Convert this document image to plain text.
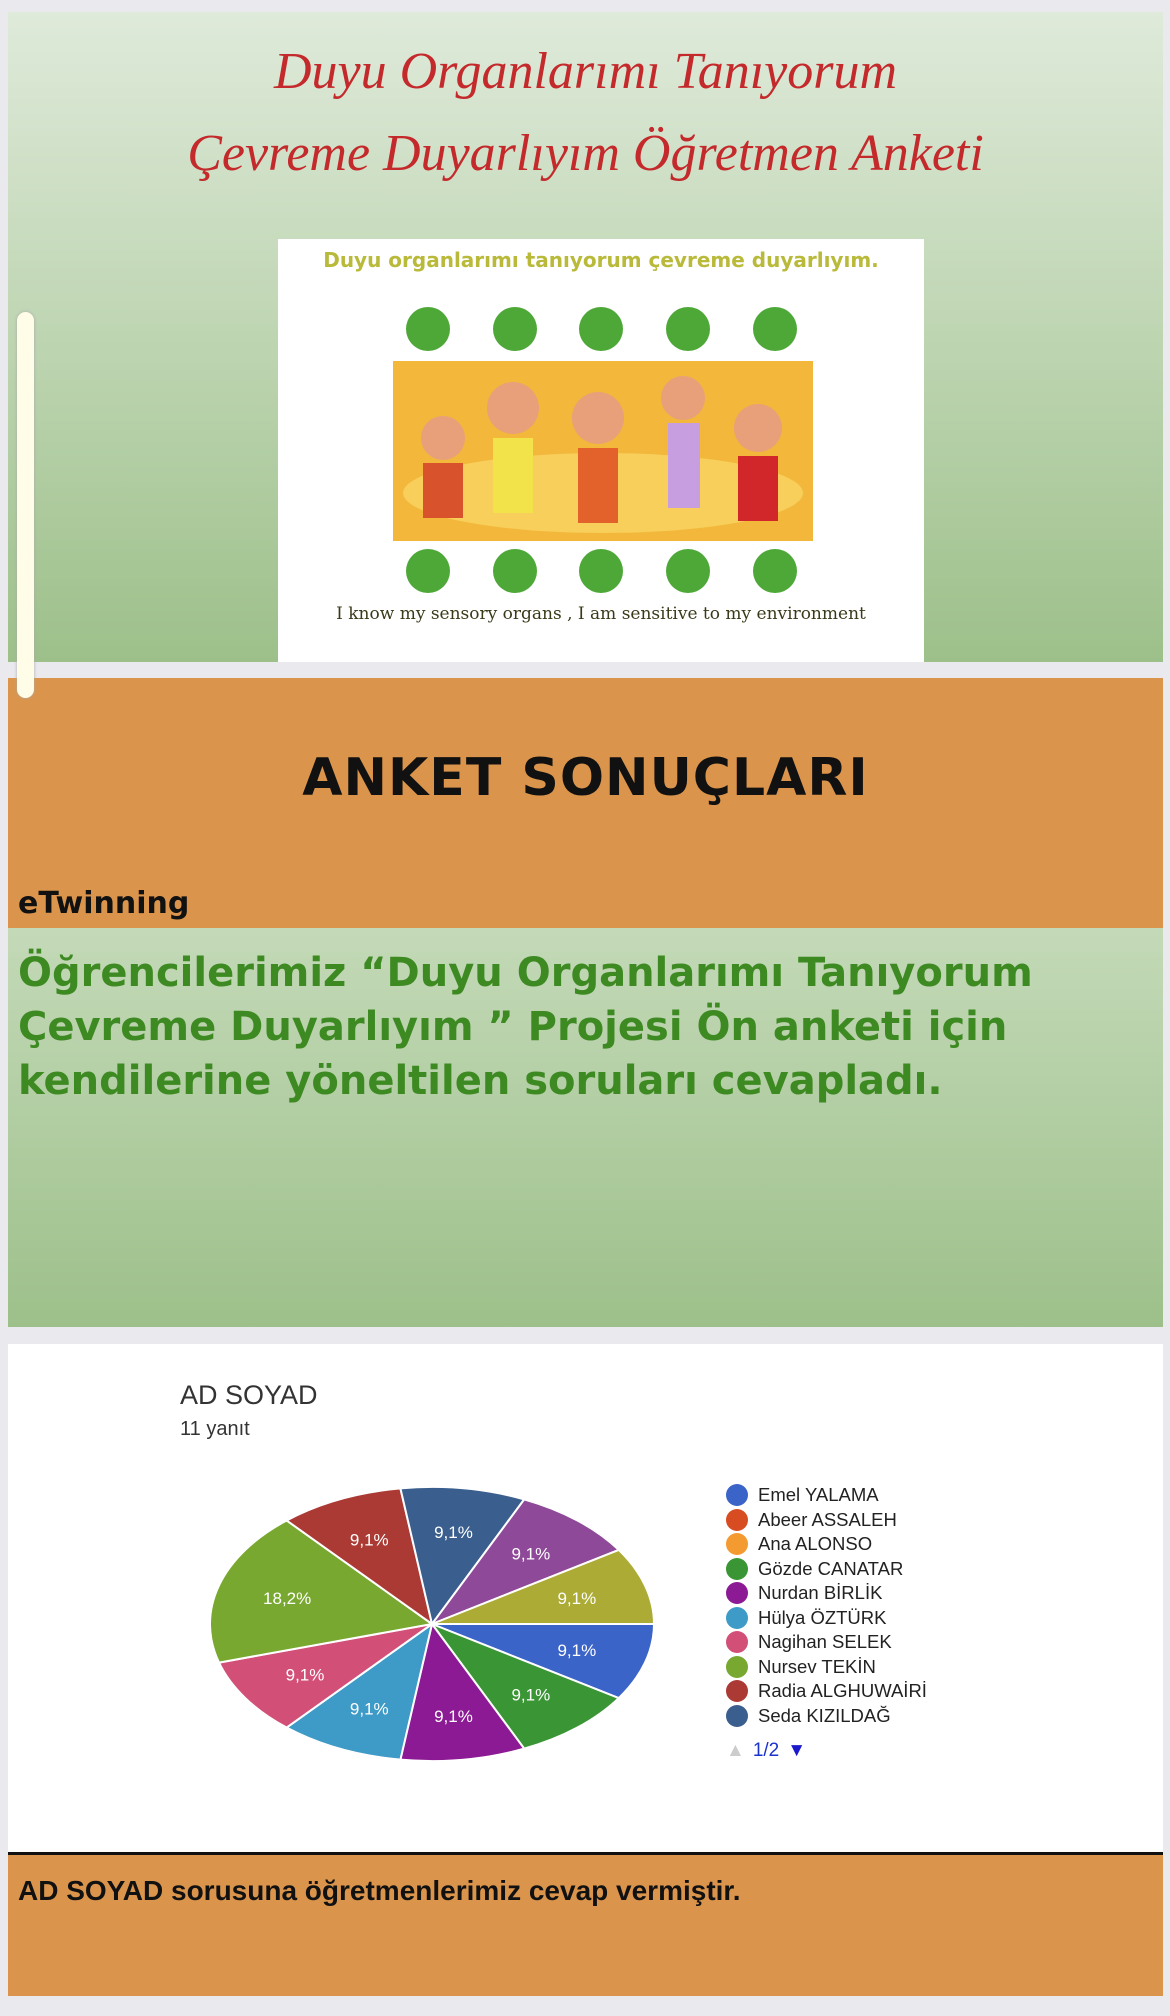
Duyu Organlarımı Tanıyorum
Çevreme Duyarlıyım Öğretmen Anketi
Duyu organlarımı tanıyorum çevreme duyarlıyım.
I know my sensory organs , I am sensitive to my environment
ANKET SONUÇLARI
eTwinning
Öğrencilerimiz “Duyu Organlarımı Tanıyorum Çevreme Duyarlıyım ” Projesi Ön anketi için kendilerine yöneltilen soruları cevapladı.
AD SOYAD
11 yanıt
9,1%
9,1%
9,1%
9,1%
9,1%
18,2%
9,1%	9,1%
9,1%
9,1%
Emel YALAMA
Abeer ASSALEH
Ana ALONSO
Gözde CANATAR
Nurdan BİRLİK
Hülya ÖZTÜRK
Nagihan SELEK
Nursev TEKİN
Radia ALGHUWAİRİ
Seda KIZILDAĞ
▲ 1/2 ▼
AD SOYAD sorusuna öğretmenlerimiz cevap vermiştir.
